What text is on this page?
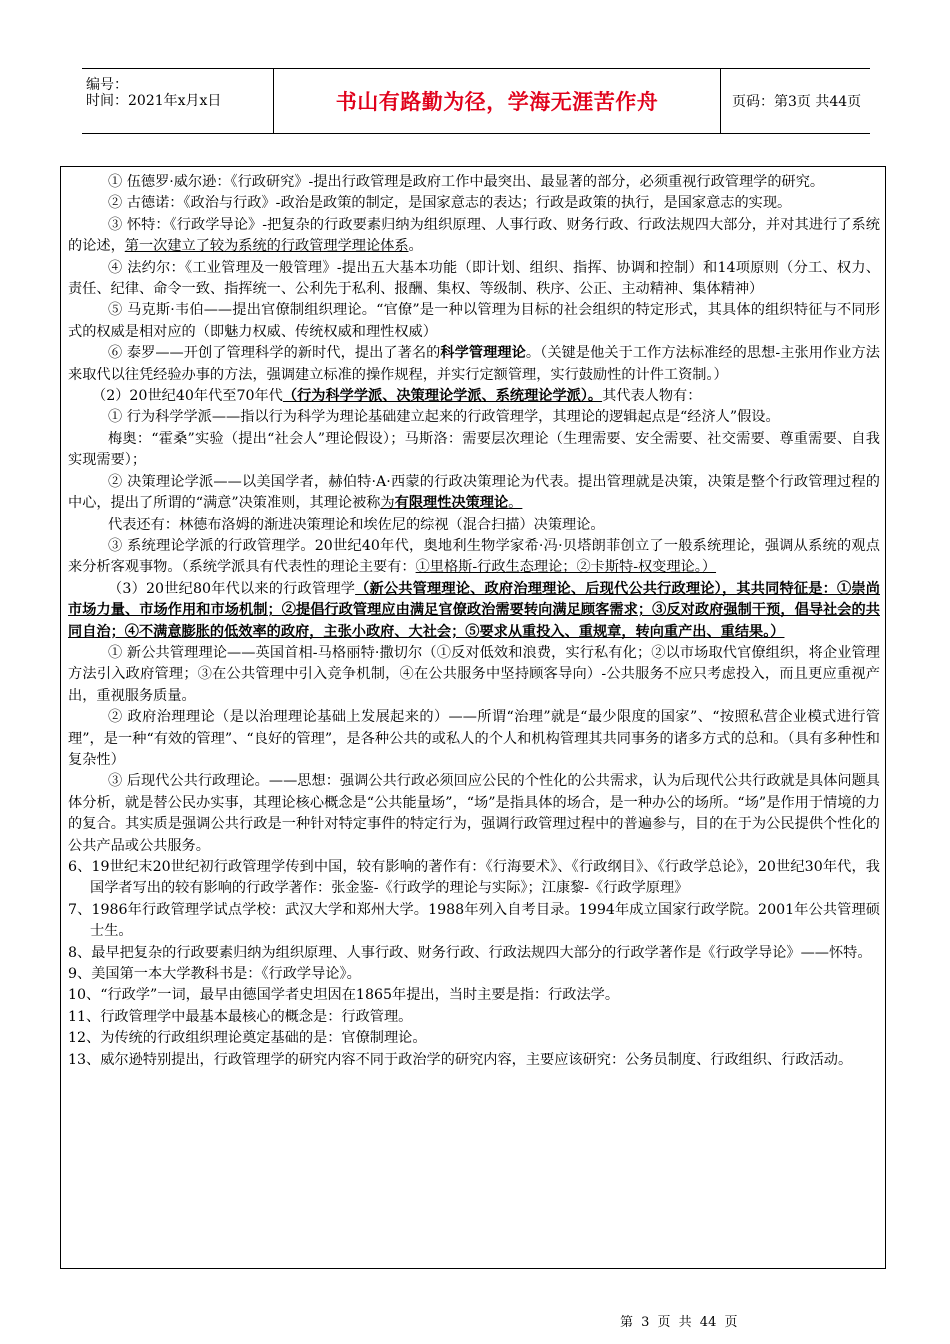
编号：
时间：2021年x月x日	书山有路勤为径，学海无涯苦作舟	页码：第3页 共44页

① 伍德罗·威尔逊：《行政研究》-提出行政管理是政府工作中最突出、最显著的部分，必须重视行政管理学的研究。

② 古德诺：《政治与行政》-政治是政策的制定，是国家意志的表达；行政是政策的执行，是国家意志的实现。

③ 怀特：《行政学导论》-把复杂的行政要素归纳为组织原理、人事行政、财务行政、行政法规四大部分，并对其进行了系统的论述，第一次建立了较为系统的行政管理学理论体系。

④ 法约尔：《工业管理及一般管理》-提出五大基本功能（即计划、组织、指挥、协调和控制）和14项原则（分工、权力、责任、纪律、命令一致、指挥统一、公利先于私利、报酬、集权、等级制、秩序、公正、主动精神、集体精神）

⑤ 马克斯·韦伯——提出官僚制组织理论。“官僚”是一种以管理为目标的社会组织的特定形式，其具体的组织特征与不同形式的权威是相对应的（即魅力权威、传统权威和理性权威）

⑥ 泰罗——开创了管理科学的新时代，提出了著名的科学管理理论。（关键是他关于工作方法标准经的思想-主张用作业方法来取代以往凭经验办事的方法，强调建立标准的操作规程，并实行定额管理，实行鼓励性的计件工资制。）

（2）20世纪40年代至70年代（行为科学学派、决策理论学派、系统理论学派）。其代表人物有：

① 行为科学学派——指以行为科学为理论基础建立起来的行政管理学，其理论的逻辑起点是“经济人”假设。

梅奥：“霍桑”实验（提出“社会人”理论假设）；马斯洛：需要层次理论（生理需要、安全需要、社交需要、尊重需要、自我实现需要）；

② 决策理论学派——以美国学者，赫伯特·A·西蒙的行政决策理论为代表。提出管理就是决策，决策是整个行政管理过程的中心，提出了所谓的“满意”决策准则，其理论被称为有限理性决策理论。

代表还有：林德布洛姆的渐进决策理论和埃佐尼的综视（混合扫描）决策理论。

③ 系统理论学派的行政管理学。20世纪40年代，奥地利生物学家希·冯·贝塔朗菲创立了一般系统理论，强调从系统的观点来分析客观事物。（系统学派具有代表性的理论主要有：①里格斯-行政生态理论；②卡斯特-权变理论。）

（3）20世纪80年代以来的行政管理学（新公共管理理论、政府治理理论、后现代公共行政理论），其共同特征是：①崇尚市场力量、市场作用和市场机制；②提倡行政管理应由满足官僚政治需要转向满足顾客需求；③反对政府强制干预，倡导社会的共同自治；④不满意膨胀的低效率的政府，主张小政府、大社会；⑤要求从重投入、重规章，转向重产出、重结果。）

① 新公共管理理论——英国首相-马格丽特·撒切尔（①反对低效和浪费，实行私有化；②以市场取代官僚组织，将企业管理方法引入政府管理；③在公共管理中引入竞争机制，④在公共服务中坚持顾客导向）-公共服务不应只考虑投入，而且更应重视产出，重视服务质量。

② 政府治理理论（是以治理理论基础上发展起来的）——所谓“治理”就是“最少限度的国家”、“按照私营企业模式进行管理”，是一种“有效的管理”、“良好的管理”，是各种公共的或私人的个人和机构管理其共同事务的诸多方式的总和。（具有多种性和复杂性）

③ 后现代公共行政理论。——思想：强调公共行政必须回应公民的个性化的公共需求，认为后现代公共行政就是具体问题具体分析，就是替公民办实事，其理论核心概念是“公共能量场”，“场”是指具体的场合，是一种办公的场所。“场”是作用于情境的力的复合。其实质是强调公共行政是一种针对特定事件的特定行为，强调行政管理过程中的普遍参与，目的在于为公民提供个性化的公共产品或公共服务。

6、19世纪末20世纪初行政管理学传到中国，较有影响的著作有：《行海要术》、《行政纲目》、《行政学总论》，20世纪30年代，我国学者写出的较有影响的行政学著作：张金鉴-《行政学的理论与实际》；江康黎-《行政学原理》

7、1986年行政管理学试点学校：武汉大学和郑州大学。1988年列入自考目录。1994年成立国家行政学院。2001年公共管理硕士生。

8、最早把复杂的行政要素归纳为组织原理、人事行政、财务行政、行政法规四大部分的行政学著作是《行政学导论》——怀特。

9、美国第一本大学教科书是：《行政学导论》。

10、“行政学”一词，最早由德国学者史坦因在1865年提出，当时主要是指：行政法学。

11、行政管理学中最基本最核心的概念是：行政管理。

12、为传统的行政组织理论奠定基础的是：官僚制理论。

13、威尔逊特别提出，行政管理学的研究内容不同于政治学的研究内容，主要应该研究：公务员制度、行政组织、行政活动。

第 3 页 共 44 页
